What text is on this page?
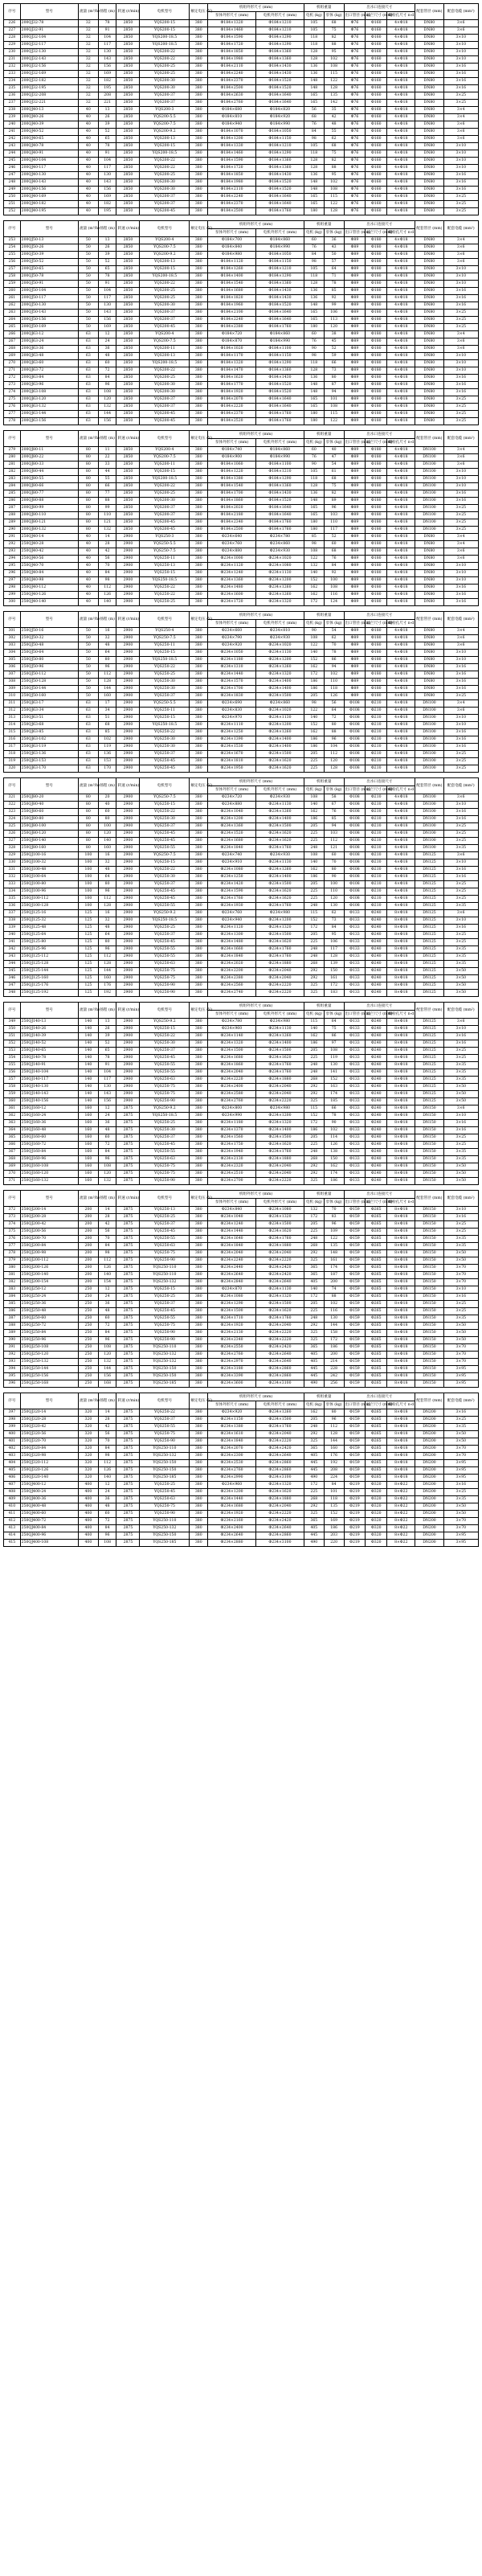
序号	型号	流量 (m³/h)	扬程 (m)	转速 (r/min)	电机型号	额定电压 (V)	机组外形尺寸 (mm)		机组重量		出水口连接尺寸			配套管径 (mm)	配套电缆 (mm²)
							泵体外形尺寸 (mm)	电机外形尺寸 (mm)	电机 (kg)	泵体 (kg)	出口管径 (mm)	法兰尺寸 (mm)	螺栓孔尺寸 n-d		
226	200QJ32-78	32	78	2850	YQS200-15	380	Φ184×1320	Φ184×1210	105	68	Φ76	Φ160	4×Φ18	DN80	3×6
227	200QJ32-91	32	91	2850	YQS200-15	380	Φ184×1460	Φ184×1210	105	75	Φ76	Φ160	4×Φ18	DN80	3×6
228	200QJ32-104	32	104	2850	YQS200-18.5	380	Φ184×1590	Φ184×1290	118	82	Φ76	Φ160	4×Φ18	DN80	3×10
229	200QJ32-117	32	117	2850	YQS200-18.5	380	Φ184×1720	Φ184×1290	118	88	Φ76	Φ160	4×Φ18	DN80	3×10
230	200QJ32-130	32	130	2850	YQS200-22	380	Φ184×1850	Φ184×1360	128	95	Φ76	Φ160	4×Φ18	DN80	3×10
231	200QJ32-143	32	143	2850	YQS200-22	380	Φ184×1980	Φ184×1360	128	102	Φ76	Φ160	4×Φ18	DN80	3×10
232	200QJ32-156	32	156	2850	YQS200-25	380	Φ184×2110	Φ184×1430	136	108	Φ76	Φ160	4×Φ18	DN80	3×16
233	200QJ32-169	32	169	2850	YQS200-25	380	Φ184×2240	Φ184×1430	136	115	Φ76	Φ160	4×Φ18	DN80	3×16
234	200QJ32-182	32	182	2850	YQS200-30	380	Φ184×2370	Φ184×1520	148	122	Φ76	Φ160	4×Φ18	DN80	3×16
235	200QJ32-195	32	195	2850	YQS200-30	380	Φ184×2500	Φ184×1520	148	128	Φ76	Φ160	4×Φ18	DN80	3×16
236	200QJ32-208	32	208	2850	YQS200-37	380	Φ184×2630	Φ184×1640	165	135	Φ76	Φ160	4×Φ18	DN80	3×25
237	200QJ32-221	32	221	2850	YQS200-37	380	Φ184×2760	Φ184×1640	165	142	Φ76	Φ160	4×Φ18	DN80	3×25
238	200QJ40-13	40	13	2850	YQS200-3	380	Φ184×680	Φ184×820	56	35	Φ76	Φ160	4×Φ18	DN80	3×4
239	200QJ40-26	40	26	2850	YQS200-5.5	380	Φ184×810	Φ184×920	68	42	Φ76	Φ160	4×Φ18	DN80	3×4
240	200QJ40-39	40	39	2850	YQS200-7.5	380	Φ184×940	Φ184×990	76	48	Φ76	Φ160	4×Φ18	DN80	3×6
241	200QJ40-52	40	52	2850	YQS200-9.2	380	Φ184×1070	Φ184×1050	84	55	Φ76	Φ160	4×Φ18	DN80	3×6
242	200QJ40-65	40	65	2850	YQS200-13	380	Φ184×1200	Φ184×1150	98	62	Φ76	Φ160	4×Φ18	DN80	3×6
243	200QJ40-78	40	78	2850	YQS200-15	380	Φ184×1330	Φ184×1210	105	68	Φ76	Φ160	4×Φ18	DN80	3×10
244	200QJ40-91	40	91	2850	YQS200-18.5	380	Φ184×1460	Φ184×1290	118	75	Φ76	Φ160	4×Φ18	DN80	3×10
245	200QJ40-104	40	104	2850	YQS200-22	380	Φ184×1590	Φ184×1360	128	82	Φ76	Φ160	4×Φ18	DN80	3×10
246	200QJ40-117	40	117	2850	YQS200-22	380	Φ184×1720	Φ184×1360	128	88	Φ76	Φ160	4×Φ18	DN80	3×10
247	200QJ40-130	40	130	2850	YQS200-25	380	Φ184×1850	Φ184×1430	136	95	Φ76	Φ160	4×Φ18	DN80	3×16
248	200QJ40-143	40	143	2850	YQS200-30	380	Φ184×1980	Φ184×1520	148	102	Φ76	Φ160	4×Φ18	DN80	3×16
249	200QJ40-156	40	156	2850	YQS200-30	380	Φ184×2110	Φ184×1520	148	108	Φ76	Φ160	4×Φ18	DN80	3×16
250	200QJ40-169	40	169	2850	YQS200-37	380	Φ184×2240	Φ184×1640	165	115	Φ76	Φ160	4×Φ18	DN80	3×25
251	200QJ40-182	40	182	2850	YQS200-37	380	Φ184×2370	Φ184×1640	165	122	Φ76	Φ160	4×Φ18	DN80	3×25
252	200QJ40-195	40	195	2850	YQS200-45	380	Φ184×2500	Φ184×1760	180	128	Φ76	Φ160	4×Φ18	DN80	3×25

序号	型号	流量 (m³/h)	扬程 (m)	转速 (r/min)	电机型号	额定电压 (V)	机组外形尺寸 (mm)		机组重量		出水口连接尺寸			配套管径 (mm)	配套电缆 (mm²)
							泵体外形尺寸 (mm)	电机外形尺寸 (mm)	电机 (kg)	泵体 (kg)	出口管径 (mm)	法兰尺寸 (mm)	螺栓孔尺寸 n-d		
253	200QJ50-13	50	13	2850	YQS200-4	380	Φ184×700	Φ184×860	60	36	Φ89	Φ180	4×Φ18	DN80	3×4
254	200QJ50-26	50	26	2850	YQS200-7.5	380	Φ184×840	Φ184×990	76	43	Φ89	Φ180	4×Φ18	DN80	3×6
255	200QJ50-39	50	39	2850	YQS200-9.2	380	Φ184×980	Φ184×1050	84	50	Φ89	Φ180	4×Φ18	DN80	3×6
256	200QJ50-52	50	52	2850	YQS200-13	380	Φ184×1120	Φ184×1150	98	57	Φ89	Φ180	4×Φ18	DN80	3×6
257	200QJ50-65	50	65	2850	YQS200-15	380	Φ184×1260	Φ184×1210	105	64	Φ89	Φ180	4×Φ18	DN80	3×10
258	200QJ50-78	50	78	2850	YQS200-18.5	380	Φ184×1400	Φ184×1290	118	71	Φ89	Φ180	4×Φ18	DN80	3×10
259	200QJ50-91	50	91	2850	YQS200-22	380	Φ184×1540	Φ184×1360	128	78	Φ89	Φ180	4×Φ18	DN80	3×10
260	200QJ50-104	50	104	2850	YQS200-25	380	Φ184×1680	Φ184×1430	136	85	Φ89	Φ180	4×Φ18	DN80	3×16
261	200QJ50-117	50	117	2850	YQS200-25	380	Φ184×1820	Φ184×1430	136	92	Φ89	Φ180	4×Φ18	DN80	3×16
262	200QJ50-130	50	130	2850	YQS200-30	380	Φ184×1960	Φ184×1520	148	99	Φ89	Φ180	4×Φ18	DN80	3×16
263	200QJ50-143	50	143	2850	YQS200-37	380	Φ184×2100	Φ184×1640	165	106	Φ89	Φ180	4×Φ18	DN80	3×25
264	200QJ50-156	50	156	2850	YQS200-37	380	Φ184×2240	Φ184×1640	165	113	Φ89	Φ180	4×Φ18	DN80	3×25
265	200QJ50-169	50	169	2850	YQS200-45	380	Φ184×2380	Φ184×1760	180	120	Φ89	Φ180	4×Φ18	DN80	3×25
266	200QJ63-12	63	12	2850	YQS200-4	380	Φ184×720	Φ184×860	60	38	Φ89	Φ180	4×Φ18	DN80	3×4
267	200QJ63-24	63	24	2850	YQS200-7.5	380	Φ184×870	Φ184×990	76	45	Φ89	Φ180	4×Φ18	DN80	3×6
268	200QJ63-36	63	36	2850	YQS200-11	380	Φ184×1020	Φ184×1100	90	52	Φ89	Φ180	4×Φ18	DN80	3×6
269	200QJ63-48	63	48	2850	YQS200-13	380	Φ184×1170	Φ184×1150	98	59	Φ89	Φ180	4×Φ18	DN80	3×10
270	200QJ63-60	63	60	2850	YQS200-18.5	380	Φ184×1320	Φ184×1290	118	66	Φ89	Φ180	4×Φ18	DN80	3×10
271	200QJ63-72	63	72	2850	YQS200-22	380	Φ184×1470	Φ184×1360	128	73	Φ89	Φ180	4×Φ18	DN80	3×10
272	200QJ63-84	63	84	2850	YQS200-25	380	Φ184×1620	Φ184×1430	136	80	Φ89	Φ180	4×Φ18	DN80	3×16
273	200QJ63-96	63	96	2850	YQS200-30	380	Φ184×1770	Φ184×1520	148	87	Φ89	Φ180	4×Φ18	DN80	3×16
274	200QJ63-108	63	108	2850	YQS200-30	380	Φ184×1920	Φ184×1520	148	94	Φ89	Φ180	4×Φ18	DN80	3×16
275	200QJ63-120	63	120	2850	YQS200-37	380	Φ184×2070	Φ184×1640	165	101	Φ89	Φ180	4×Φ18	DN80	3×25
276	200QJ63-132	63	132	2850	YQS200-37	380	Φ184×2220	Φ184×1640	165	108	Φ89	Φ180	4×Φ18	DN80	3×25
277	200QJ63-144	63	144	2850	YQS200-45	380	Φ184×2370	Φ184×1760	180	115	Φ89	Φ180	4×Φ18	DN80	3×25
278	200QJ63-156	63	156	2850	YQS200-45	380	Φ184×2520	Φ184×1760	180	122	Φ89	Φ180	4×Φ18	DN80	3×25

序号	型号	流量 (m³/h)	扬程 (m)	转速 (r/min)	电机型号	额定电压 (V)	机组外形尺寸 (mm)		机组重量		出水口连接尺寸			配套管径 (mm)	配套电缆 (mm²)
							泵体外形尺寸 (mm)	电机外形尺寸 (mm)	电机 (kg)	泵体 (kg)	出口管径 (mm)	法兰尺寸 (mm)	螺栓孔尺寸 n-d		
279	200QJ80-11	80	11	2850	YQS200-4	380	Φ184×740	Φ184×860	60	40	Φ89	Φ180	4×Φ18	DN100	3×4
280	200QJ80-22	80	22	2850	YQS200-7.5	380	Φ184×900	Φ184×990	76	47	Φ89	Φ180	4×Φ18	DN100	3×6
281	200QJ80-33	80	33	2850	YQS200-11	380	Φ184×1060	Φ184×1100	90	54	Φ89	Φ180	4×Φ18	DN100	3×6
282	200QJ80-44	80	44	2850	YQS200-15	380	Φ184×1220	Φ184×1210	105	61	Φ89	Φ180	4×Φ18	DN100	3×10
283	200QJ80-55	80	55	2850	YQS200-18.5	380	Φ184×1380	Φ184×1290	118	68	Φ89	Φ180	4×Φ18	DN100	3×10
284	200QJ80-66	80	66	2850	YQS200-22	380	Φ184×1540	Φ184×1360	128	75	Φ89	Φ180	4×Φ18	DN100	3×10
285	200QJ80-77	80	77	2850	YQS200-25	380	Φ184×1700	Φ184×1430	136	82	Φ89	Φ180	4×Φ18	DN100	3×16
286	200QJ80-88	80	88	2850	YQS200-30	380	Φ184×1860	Φ184×1520	148	89	Φ89	Φ180	4×Φ18	DN100	3×16
287	200QJ80-99	80	99	2850	YQS200-37	380	Φ184×2020	Φ184×1640	165	96	Φ89	Φ180	4×Φ18	DN100	3×25
288	200QJ80-110	80	110	2850	YQS200-37	380	Φ184×2180	Φ184×1640	165	103	Φ89	Φ180	4×Φ18	DN100	3×25
289	200QJ80-121	80	121	2850	YQS200-45	380	Φ184×2340	Φ184×1760	180	110	Φ89	Φ180	4×Φ18	DN100	3×25
290	200QJ80-132	80	132	2850	YQS200-45	380	Φ184×2500	Φ184×1760	180	117	Φ89	Φ180	4×Φ18	DN100	3×25
291	250QJ40-14	40	14	2900	YQS250-3	380	Φ234×640	Φ234×780	85	52	Φ89	Φ180	4×Φ18	DN80	3×4
292	250QJ40-28	40	28	2900	YQS250-5.5	380	Φ234×760	Φ234×860	98	60	Φ89	Φ180	4×Φ18	DN80	3×4
293	250QJ40-42	40	42	2900	YQS250-7.5	380	Φ234×880	Φ234×930	108	68	Φ89	Φ180	4×Φ18	DN80	3×6
294	250QJ40-56	40	56	2900	YQS250-11	380	Φ234×1000	Φ234×1020	122	76	Φ89	Φ180	4×Φ18	DN80	3×6
295	250QJ40-70	40	70	2900	YQS250-13	380	Φ234×1120	Φ234×1080	132	84	Φ89	Φ180	4×Φ18	DN80	3×10
296	250QJ40-84	40	84	2900	YQS250-15	380	Φ234×1240	Φ234×1130	140	92	Φ89	Φ180	4×Φ18	DN80	3×10
297	250QJ40-98	40	98	2900	YQS250-18.5	380	Φ234×1360	Φ234×1200	152	100	Φ89	Φ180	4×Φ18	DN80	3×10
298	250QJ40-112	40	112	2900	YQS250-22	380	Φ234×1480	Φ234×1260	162	108	Φ89	Φ180	4×Φ18	DN80	3×16
299	250QJ40-126	40	126	2900	YQS250-22	380	Φ234×1600	Φ234×1260	162	116	Φ89	Φ180	4×Φ18	DN80	3×16
300	250QJ40-140	40	140	2900	YQS250-25	380	Φ234×1720	Φ234×1320	172	124	Φ89	Φ180	4×Φ18	DN80	3×16

序号	型号	流量 (m³/h)	扬程 (m)	转速 (r/min)	电机型号	额定电压 (V)	机组外形尺寸 (mm)		机组重量		出水口连接尺寸			配套管径 (mm)	配套电缆 (mm²)
							泵体外形尺寸 (mm)	电机外形尺寸 (mm)	电机 (kg)	泵体 (kg)	出口管径 (mm)	法兰尺寸 (mm)	螺栓孔尺寸 n-d		
301	250QJ50-16	50	16	2900	YQS250-4	380	Φ234×660	Φ234×810	90	54	Φ89	Φ180	4×Φ18	DN80	3×4
302	250QJ50-32	50	32	2900	YQS250-7.5	380	Φ234×790	Φ234×930	108	62	Φ89	Φ180	4×Φ18	DN80	3×6
303	250QJ50-48	50	48	2900	YQS250-11	380	Φ234×920	Φ234×1020	122	70	Φ89	Φ180	4×Φ18	DN80	3×6
304	250QJ50-64	50	64	2900	YQS250-15	380	Φ234×1050	Φ234×1130	140	78	Φ89	Φ180	4×Φ18	DN80	3×10
305	250QJ50-80	50	80	2900	YQS250-18.5	380	Φ234×1180	Φ234×1200	152	86	Φ89	Φ180	4×Φ18	DN80	3×10
306	250QJ50-96	50	96	2900	YQS250-22	380	Φ234×1310	Φ234×1260	162	94	Φ89	Φ180	4×Φ18	DN80	3×16
307	250QJ50-112	50	112	2900	YQS250-25	380	Φ234×1440	Φ234×1320	172	102	Φ89	Φ180	4×Φ18	DN80	3×16
308	250QJ50-128	50	128	2900	YQS250-30	380	Φ234×1570	Φ234×1400	186	110	Φ89	Φ180	4×Φ18	DN80	3×16
309	250QJ50-144	50	144	2900	YQS250-30	380	Φ234×1700	Φ234×1400	186	118	Φ89	Φ180	4×Φ18	DN80	3×16
310	250QJ50-160	50	160	2900	YQS250-37	380	Φ234×1830	Φ234×1500	205	126	Φ89	Φ180	4×Φ18	DN80	3×25
311	250QJ63-17	63	17	2900	YQS250-5.5	380	Φ234×690	Φ234×860	98	56	Φ108	Φ210	4×Φ18	DN100	3×4
312	250QJ63-34	63	34	2900	YQS250-11	380	Φ234×830	Φ234×1020	122	64	Φ108	Φ210	4×Φ18	DN100	3×6
313	250QJ63-51	63	51	2900	YQS250-15	380	Φ234×970	Φ234×1130	140	72	Φ108	Φ210	4×Φ18	DN100	3×10
314	250QJ63-68	63	68	2900	YQS250-18.5	380	Φ234×1110	Φ234×1200	152	80	Φ108	Φ210	4×Φ18	DN100	3×10
315	250QJ63-85	63	85	2900	YQS250-22	380	Φ234×1250	Φ234×1260	162	88	Φ108	Φ210	4×Φ18	DN100	3×16
316	250QJ63-102	63	102	2900	YQS250-30	380	Φ234×1390	Φ234×1400	186	96	Φ108	Φ210	4×Φ18	DN100	3×16
317	250QJ63-119	63	119	2900	YQS250-30	380	Φ234×1530	Φ234×1400	186	104	Φ108	Φ210	4×Φ18	DN100	3×16
318	250QJ63-136	63	136	2900	YQS250-37	380	Φ234×1670	Φ234×1500	205	112	Φ108	Φ210	4×Φ18	DN100	3×25
319	250QJ63-153	63	153	2900	YQS250-45	380	Φ234×1810	Φ234×1620	225	120	Φ108	Φ210	4×Φ18	DN100	3×25
320	250QJ63-170	63	170	2900	YQS250-45	380	Φ234×1950	Φ234×1620	225	128	Φ108	Φ210	4×Φ18	DN100	3×25

序号	型号	流量 (m³/h)	扬程 (m)	转速 (r/min)	电机型号	额定电压 (V)	机组外形尺寸 (mm)		机组重量		出水口连接尺寸			配套管径 (mm)	配套电缆 (mm²)
							泵体外形尺寸 (mm)	电机外形尺寸 (mm)	电机 (kg)	泵体 (kg)	出口管径 (mm)	法兰尺寸 (mm)	螺栓孔尺寸 n-d		
321	250QJ80-20	80	20	2900	YQS250-7.5	380	Φ234×720	Φ234×930	108	58	Φ108	Φ210	4×Φ18	DN100	3×6
322	250QJ80-40	80	40	2900	YQS250-15	380	Φ234×880	Φ234×1130	140	67	Φ108	Φ210	4×Φ18	DN100	3×10
323	250QJ80-60	80	60	2900	YQS250-22	380	Φ234×1040	Φ234×1260	162	76	Φ108	Φ210	4×Φ18	DN100	3×16
324	250QJ80-80	80	80	2900	YQS250-30	380	Φ234×1200	Φ234×1400	186	85	Φ108	Φ210	4×Φ18	DN100	3×16
325	250QJ80-100	80	100	2900	YQS250-37	380	Φ234×1360	Φ234×1500	205	94	Φ108	Φ210	4×Φ18	DN100	3×25
326	250QJ80-120	80	120	2900	YQS250-45	380	Φ234×1520	Φ234×1620	225	103	Φ108	Φ210	4×Φ18	DN100	3×25
327	250QJ80-140	80	140	2900	YQS250-45	380	Φ234×1680	Φ234×1620	225	112	Φ108	Φ210	4×Φ18	DN100	3×25
328	250QJ80-160	80	160	2900	YQS250-55	380	Φ234×1840	Φ234×1760	248	121	Φ108	Φ210	4×Φ18	DN100	3×35
329	250QJ100-16	100	16	2900	YQS250-7.5	380	Φ234×740	Φ234×930	108	60	Φ108	Φ210	4×Φ18	DN125	3×6
330	250QJ100-32	100	32	2900	YQS250-15	380	Φ234×910	Φ234×1130	140	70	Φ108	Φ210	4×Φ18	DN125	3×10
331	250QJ100-48	100	48	2900	YQS250-22	380	Φ234×1080	Φ234×1260	162	80	Φ108	Φ210	4×Φ18	DN125	3×16
332	250QJ100-64	100	64	2900	YQS250-30	380	Φ234×1250	Φ234×1400	186	90	Φ108	Φ210	4×Φ18	DN125	3×16
333	250QJ100-80	100	80	2900	YQS250-37	380	Φ234×1420	Φ234×1500	205	100	Φ108	Φ210	4×Φ18	DN125	3×25
334	250QJ100-96	100	96	2900	YQS250-45	380	Φ234×1590	Φ234×1620	225	110	Φ108	Φ210	4×Φ18	DN125	3×25
335	250QJ100-112	100	112	2900	YQS250-45	380	Φ234×1760	Φ234×1620	225	120	Φ108	Φ210	4×Φ18	DN125	3×25
336	250QJ100-128	100	128	2900	YQS250-55	380	Φ234×1930	Φ234×1760	248	130	Φ108	Φ210	4×Φ18	DN125	3×35
337	250QJ125-16	125	16	2900	YQS250-9.2	380	Φ234×760	Φ234×980	115	62	Φ133	Φ240	8×Φ18	DN125	3×6
338	250QJ125-32	125	32	2900	YQS250-18.5	380	Φ234×940	Φ234×1200	152	73	Φ133	Φ240	8×Φ18	DN125	3×10
339	250QJ125-48	125	48	2900	YQS250-25	380	Φ234×1120	Φ234×1320	172	84	Φ133	Φ240	8×Φ18	DN125	3×16
340	250QJ125-64	125	64	2900	YQS250-37	380	Φ234×1300	Φ234×1500	205	95	Φ133	Φ240	8×Φ18	DN125	3×25
341	250QJ125-80	125	80	2900	YQS250-45	380	Φ234×1480	Φ234×1620	225	106	Φ133	Φ240	8×Φ18	DN125	3×25
342	250QJ125-96	125	96	2900	YQS250-55	380	Φ234×1660	Φ234×1760	248	117	Φ133	Φ240	8×Φ18	DN125	3×35
343	250QJ125-112	125	112	2900	YQS250-55	380	Φ234×1840	Φ234×1760	248	128	Φ133	Φ240	8×Φ18	DN125	3×35
344	250QJ125-128	125	128	2900	YQS250-63	380	Φ234×2020	Φ234×1880	268	139	Φ133	Φ240	8×Φ18	DN125	3×35
345	250QJ125-144	125	144	2900	YQS250-75	380	Φ234×2200	Φ234×2040	292	150	Φ133	Φ240	8×Φ18	DN125	3×50
346	250QJ125-160	125	160	2900	YQS250-75	380	Φ234×2380	Φ234×2040	292	161	Φ133	Φ240	8×Φ18	DN125	3×50
347	250QJ125-176	125	176	2900	YQS250-90	380	Φ234×2560	Φ234×2220	325	172	Φ133	Φ240	8×Φ18	DN125	3×50
348	250QJ125-192	125	192	2900	YQS250-90	380	Φ234×2740	Φ234×2220	325	183	Φ133	Φ240	8×Φ18	DN125	3×50

序号	型号	流量 (m³/h)	扬程 (m)	转速 (r/min)	电机型号	额定电压 (V)	机组外形尺寸 (mm)		机组重量		出水口连接尺寸			配套管径 (mm)	配套电缆 (mm²)
							泵体外形尺寸 (mm)	电机外形尺寸 (mm)	电机 (kg)	泵体 (kg)	出口管径 (mm)	法兰尺寸 (mm)	螺栓孔尺寸 n-d		
349	250QJ140-13	140	13	2900	YQS250-9.2	380	Φ234×780	Φ234×980	115	64	Φ133	Φ240	8×Φ18	DN125	3×6
350	250QJ140-26	140	26	2900	YQS250-15	380	Φ234×960	Φ234×1130	140	75	Φ133	Φ240	8×Φ18	DN125	3×10
351	250QJ140-39	140	39	2900	YQS250-22	380	Φ234×1140	Φ234×1260	162	86	Φ133	Φ240	8×Φ18	DN125	3×16
352	250QJ140-52	140	52	2900	YQS250-30	380	Φ234×1320	Φ234×1400	186	97	Φ133	Φ240	8×Φ18	DN125	3×16
353	250QJ140-65	140	65	2900	YQS250-37	380	Φ234×1500	Φ234×1500	205	108	Φ133	Φ240	8×Φ18	DN125	3×25
354	250QJ140-78	140	78	2900	YQS250-45	380	Φ234×1680	Φ234×1620	225	119	Φ133	Φ240	8×Φ18	DN125	3×25
355	250QJ140-91	140	91	2900	YQS250-55	380	Φ234×1860	Φ234×1760	248	130	Φ133	Φ240	8×Φ18	DN125	3×35
356	250QJ140-104	140	104	2900	YQS250-55	380	Φ234×2040	Φ234×1760	248	141	Φ133	Φ240	8×Φ18	DN125	3×35
357	250QJ140-117	140	117	2900	YQS250-63	380	Φ234×2220	Φ234×1880	268	152	Φ133	Φ240	8×Φ18	DN125	3×35
358	250QJ140-130	140	130	2900	YQS250-75	380	Φ234×2400	Φ234×2040	292	163	Φ133	Φ240	8×Φ18	DN125	3×50
359	250QJ140-143	140	143	2900	YQS250-75	380	Φ234×2580	Φ234×2040	292	174	Φ133	Φ240	8×Φ18	DN125	3×50
360	250QJ140-156	140	156	2900	YQS250-90	380	Φ234×2760	Φ234×2220	325	185	Φ133	Φ240	8×Φ18	DN125	3×50
361	250QJ160-12	160	12	2875	YQS250-9.2	380	Φ234×800	Φ234×980	115	66	Φ133	Φ240	8×Φ18	DN150	3×6
362	250QJ160-24	160	24	2875	YQS250-18.5	380	Φ234×990	Φ234×1200	152	78	Φ133	Φ240	8×Φ18	DN150	3×10
363	250QJ160-36	160	36	2875	YQS250-25	380	Φ234×1180	Φ234×1320	172	90	Φ133	Φ240	8×Φ18	DN150	3×16
364	250QJ160-48	160	48	2875	YQS250-30	380	Φ234×1370	Φ234×1400	186	102	Φ133	Φ240	8×Φ18	DN150	3×16
365	250QJ160-60	160	60	2875	YQS250-37	380	Φ234×1560	Φ234×1500	205	114	Φ133	Φ240	8×Φ18	DN150	3×25
366	250QJ160-72	160	72	2875	YQS250-45	380	Φ234×1750	Φ234×1620	225	126	Φ133	Φ240	8×Φ18	DN150	3×25
367	250QJ160-84	160	84	2875	YQS250-55	380	Φ234×1940	Φ234×1760	248	138	Φ133	Φ240	8×Φ18	DN150	3×35
368	250QJ160-96	160	96	2875	YQS250-63	380	Φ234×2130	Φ234×1880	268	150	Φ133	Φ240	8×Φ18	DN150	3×35
369	250QJ160-108	160	108	2875	YQS250-75	380	Φ234×2320	Φ234×2040	292	162	Φ133	Φ240	8×Φ18	DN150	3×50
370	250QJ160-120	160	120	2875	YQS250-75	380	Φ234×2510	Φ234×2040	292	174	Φ133	Φ240	8×Φ18	DN150	3×50
371	250QJ160-132	160	132	2875	YQS250-90	380	Φ234×2700	Φ234×2220	325	186	Φ133	Φ240	8×Φ18	DN150	3×50

序号	型号	流量 (m³/h)	扬程 (m)	转速 (r/min)	电机型号	额定电压 (V)	机组外形尺寸 (mm)		机组重量		出水口连接尺寸			配套管径 (mm)	配套电缆 (mm²)
							泵体外形尺寸 (mm)	电机外形尺寸 (mm)	电机 (kg)	泵体 (kg)	出口管径 (mm)	法兰尺寸 (mm)	螺栓孔尺寸 n-d		
372	250QJ200-14	200	14	2875	YQS250-13	380	Φ234×840	Φ234×1080	132	70	Φ159	Φ265	8×Φ18	DN150	3×10
373	250QJ200-28	200	28	2875	YQS250-25	380	Φ234×1040	Φ234×1320	172	83	Φ159	Φ265	8×Φ18	DN150	3×16
374	250QJ200-42	200	42	2875	YQS250-37	380	Φ234×1240	Φ234×1500	205	96	Φ159	Φ265	8×Φ18	DN150	3×25
375	250QJ200-56	200	56	2875	YQS250-45	380	Φ234×1440	Φ234×1620	225	109	Φ159	Φ265	8×Φ18	DN150	3×25
376	250QJ200-70	200	70	2875	YQS250-55	380	Φ234×1640	Φ234×1760	248	122	Φ159	Φ265	8×Φ18	DN150	3×35
377	250QJ200-84	200	84	2875	YQS250-63	380	Φ234×1840	Φ234×1880	268	135	Φ159	Φ265	8×Φ18	DN150	3×35
378	250QJ200-98	200	98	2875	YQS250-75	380	Φ234×2040	Φ234×2040	292	148	Φ159	Φ265	8×Φ18	DN150	3×50
379	250QJ200-112	200	112	2875	YQS250-90	380	Φ234×2240	Φ234×2220	325	161	Φ159	Φ265	8×Φ18	DN150	3×50
380	250QJ200-126	200	126	2875	YQS250-110	380	Φ234×2440	Φ234×2420	365	174	Φ159	Φ265	8×Φ18	DN150	3×70
381	250QJ200-140	200	140	2875	YQS250-110	380	Φ234×2640	Φ234×2420	365	187	Φ159	Φ265	8×Φ18	DN150	3×70
382	250QJ200-154	200	154	2875	YQS250-132	380	Φ234×2840	Φ234×2640	405	200	Φ159	Φ265	8×Φ18	DN150	3×70
383	250QJ250-12	250	12	2875	YQS250-15	380	Φ234×870	Φ234×1130	140	74	Φ159	Φ265	8×Φ18	DN150	3×10
384	250QJ250-24	250	24	2875	YQS250-25	380	Φ234×1080	Φ234×1320	172	88	Φ159	Φ265	8×Φ18	DN150	3×16
385	250QJ250-36	250	36	2875	YQS250-37	380	Φ234×1290	Φ234×1500	205	102	Φ159	Φ265	8×Φ18	DN150	3×25
386	250QJ250-48	250	48	2875	YQS250-45	380	Φ234×1500	Φ234×1620	225	116	Φ159	Φ265	8×Φ18	DN150	3×25
387	250QJ250-60	250	60	2875	YQS250-55	380	Φ234×1710	Φ234×1760	248	130	Φ159	Φ265	8×Φ18	DN150	3×35
388	250QJ250-72	250	72	2875	YQS250-75	380	Φ234×1920	Φ234×2040	292	144	Φ159	Φ265	8×Φ18	DN150	3×50
389	250QJ250-84	250	84	2875	YQS250-90	380	Φ234×2130	Φ234×2220	325	158	Φ159	Φ265	8×Φ18	DN150	3×50
390	250QJ250-96	250	96	2875	YQS250-90	380	Φ234×2340	Φ234×2220	325	172	Φ159	Φ265	8×Φ18	DN150	3×50
391	250QJ250-108	250	108	2875	YQS250-110	380	Φ234×2550	Φ234×2420	365	186	Φ159	Φ265	8×Φ18	DN150	3×70
392	250QJ250-120	250	120	2875	YQS250-132	380	Φ234×2760	Φ234×2640	405	200	Φ159	Φ265	8×Φ18	DN150	3×70
393	250QJ250-132	250	132	2875	YQS250-132	380	Φ234×2970	Φ234×2640	405	214	Φ159	Φ265	8×Φ18	DN150	3×70
394	250QJ250-144	250	144	2875	YQS250-150	380	Φ234×3180	Φ234×2860	445	228	Φ159	Φ265	8×Φ18	DN150	3×95
395	250QJ250-156	250	156	2875	YQS250-150	380	Φ234×3390	Φ234×2860	445	242	Φ159	Φ265	8×Φ18	DN150	3×95
396	250QJ250-168	250	168	2875	YQS250-185	380	Φ234×3600	Φ234×3100	490	256	Φ159	Φ265	8×Φ18	DN150	3×95

序号	型号	流量 (m³/h)	扬程 (m)	转速 (r/min)	电机型号	额定电压 (V)	机组外形尺寸 (mm)		机组重量		出水口连接尺寸			配套管径 (mm)	配套电缆 (mm²)
							泵体外形尺寸 (mm)	电机外形尺寸 (mm)	电机 (kg)	泵体 (kg)	出口管径 (mm)	法兰尺寸 (mm)	螺栓孔尺寸 n-d		
397	250QJ320-14	320	14	2875	YQS250-22	380	Φ234×920	Φ234×1260	162	80	Φ159	Φ265	8×Φ18	DN200	3×16
398	250QJ320-28	320	28	2875	YQS250-37	380	Φ234×1150	Φ234×1500	205	96	Φ159	Φ265	8×Φ18	DN200	3×25
399	250QJ320-42	320	42	2875	YQS250-55	380	Φ234×1380	Φ234×1760	248	112	Φ159	Φ265	8×Φ18	DN200	3×35
400	250QJ320-56	320	56	2875	YQS250-75	380	Φ234×1610	Φ234×2040	292	128	Φ159	Φ265	8×Φ18	DN200	3×50
401	250QJ320-70	320	70	2875	YQS250-90	380	Φ234×1840	Φ234×2220	325	144	Φ159	Φ265	8×Φ18	DN200	3×50
402	250QJ320-84	320	84	2875	YQS250-110	380	Φ234×2070	Φ234×2420	365	160	Φ159	Φ265	8×Φ18	DN200	3×70
403	250QJ320-98	320	98	2875	YQS250-132	380	Φ234×2300	Φ234×2640	405	176	Φ159	Φ265	8×Φ18	DN200	3×70
404	250QJ320-112	320	112	2875	YQS250-150	380	Φ234×2530	Φ234×2860	445	192	Φ159	Φ265	8×Φ18	DN200	3×95
405	250QJ320-126	320	126	2875	YQS250-150	380	Φ234×2760	Φ234×2860	445	208	Φ159	Φ265	8×Φ18	DN200	3×95
406	250QJ320-140	320	140	2875	YQS250-185	380	Φ234×2990	Φ234×3100	490	224	Φ159	Φ265	8×Φ18	DN200	3×95
407	250QJ400-12	400	12	2875	YQS250-25	380	Φ234×960	Φ234×1320	172	84	Φ219	Φ320	8×Φ22	DN200	3×16
408	250QJ400-24	400	24	2875	YQS250-45	380	Φ234×1200	Φ234×1620	225	101	Φ219	Φ320	8×Φ22	DN200	3×25
409	250QJ400-36	400	36	2875	YQS250-63	380	Φ234×1440	Φ234×1880	268	118	Φ219	Φ320	8×Φ22	DN200	3×35
410	250QJ400-48	400	48	2875	YQS250-75	380	Φ234×1680	Φ234×2040	292	135	Φ219	Φ320	8×Φ22	DN200	3×50
411	250QJ400-60	400	60	2875	YQS250-90	380	Φ234×1920	Φ234×2220	325	152	Φ219	Φ320	8×Φ22	DN200	3×50
412	250QJ400-72	400	72	2875	YQS250-110	380	Φ234×2160	Φ234×2420	365	169	Φ219	Φ320	8×Φ22	DN200	3×70
413	250QJ400-84	400	84	2875	YQS250-132	380	Φ234×2400	Φ234×2640	405	186	Φ219	Φ320	8×Φ22	DN200	3×70
414	250QJ400-96	400	96	2875	YQS250-150	380	Φ234×2640	Φ234×2860	445	203	Φ219	Φ320	8×Φ22	DN200	3×95
415	250QJ400-108	400	108	2875	YQS250-185	380	Φ234×2880	Φ234×3100	490	220	Φ219	Φ320	8×Φ22	DN200	3×95
